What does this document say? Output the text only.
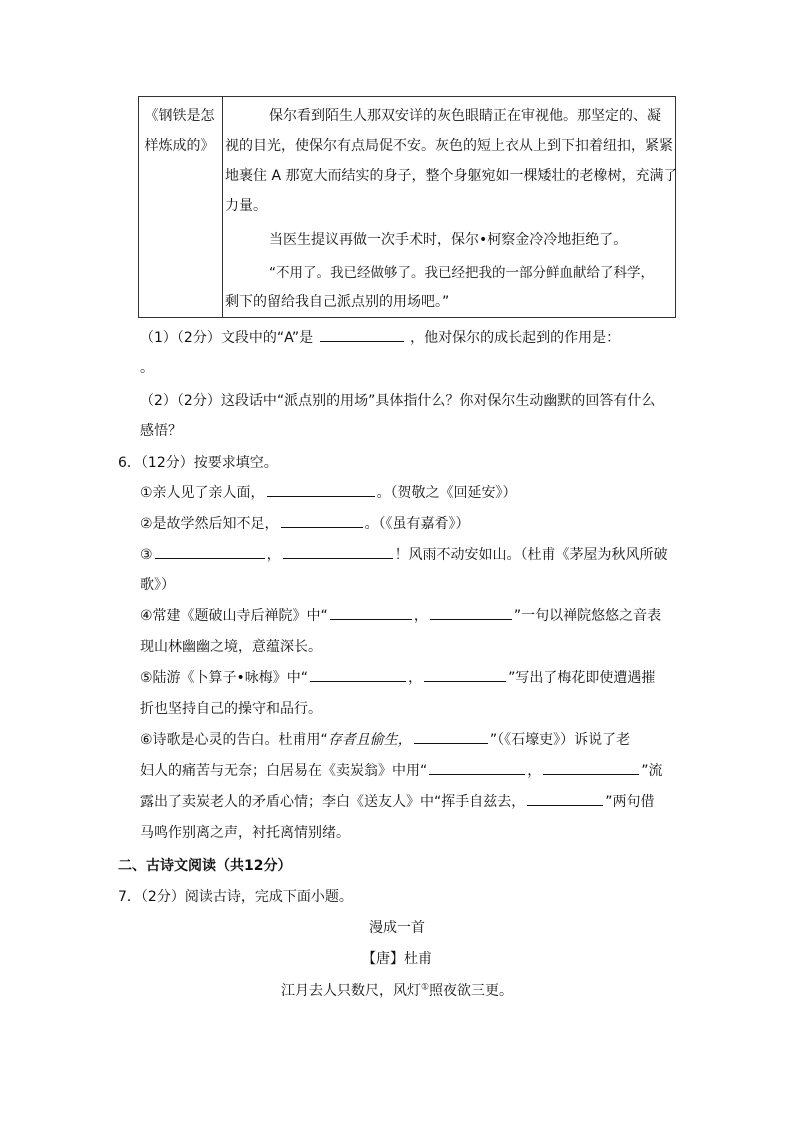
《钢铁是怎
样炼成的》

保尔看到陌生人那双安详的灰色眼睛正在审视他。那坚定的、凝
视的目光，使保尔有点局促不安。灰色的短上衣从上到下扣着纽扣，紧紧
地裹住 A 那宽大而结实的身子，整个身躯宛如一棵矮壮的老橡树，充满了
力量。
当医生提议再做一次手术时，保尔•柯察金冷冷地拒绝了。
“不用了。我已经做够了。我已经把我的一部分鲜血献给了科学，
剩下的留给我自己派点别的用场吧。”
（1）（2分）文段中的“A”是	，他对保尔的成长起到的作用是：
。
（2）（2分）这段话中“派点别的用场”具体指什么？你对保尔生动幽默的回答有什么
感悟？
6．（12分）按要求填空。
①亲人见了亲人面，	。（贺敬之《回延安》）
②是故学然后知不足，	。（《虽有嘉肴》）
③	，	！风雨不动安如山。（杜甫《茅屋为秋风所破
歌》）
④常建《题破山寺后禅院》中“	，	”一句以禅院悠悠之音表
现山林幽幽之境，意蕴深长。
⑤陆游《卜算子•咏梅》中“	，	”写出了梅花即使遭遇摧
折也坚持自己的操守和品行。
⑥诗歌是心灵的告白。杜甫用“存者且偷生，	”（《石壕吏》）诉说了老
妇人的痛苦与无奈；白居易在《卖炭翁》中用“	，	”流
露出了卖炭老人的矛盾心情；李白《送友人》中“挥手自兹去，	”两句借
马鸣作别离之声，衬托离情别绪。
二、古诗文阅读（共12分）
7．（2分）阅读古诗，完成下面小题。
漫成一首
【唐】杜甫
江月去人只数尺，风灯①照夜欲三更。
